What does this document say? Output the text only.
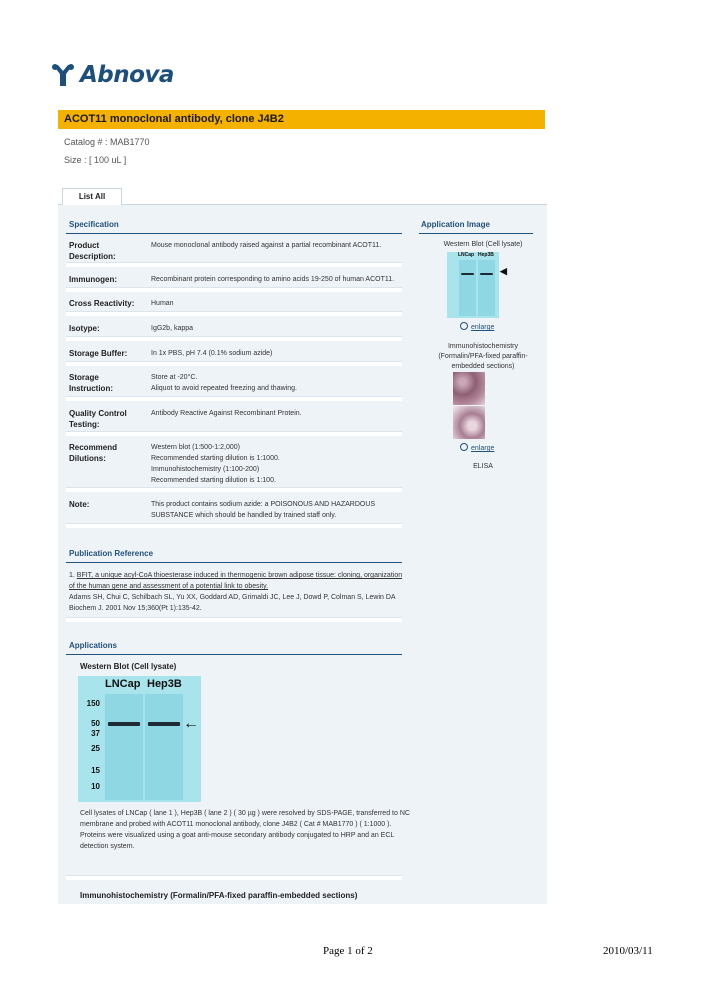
Abnova
ACOT11 monoclonal antibody, clone J4B2
Catalog # : MAB1770
Size : [ 100 uL ]
List All
Specification
Product Description:
Mouse monoclonal antibody raised against a partial recombinant ACOT11.
Immunogen:	Recombinant protein corresponding to amino acids 19-250 of human ACOT11.
Cross Reactivity: Human
Isotype:	IgG2b, kappa
Storage Buffer:	In 1x PBS, pH 7.4 (0.1% sodium azide)
Storage Instruction:
Store at -20°C.
Aliquot to avoid repeated freezing and thawing.
Quality Control Testing:
Antibody Reactive Against Recombinant Protein.
Recommend Dilutions:
Western blot (1:500-1:2,000)
Recommended starting dilution is 1:1000.
Immunohistochemistry (1:100-200)
Recommended starting dilution is 1:100.
Note:	This product contains sodium azide: a POISONOUS AND HAZARDOUS SUBSTANCE which should be handled by trained staff only.
Application Image
Western Blot (Cell lysate)
LNCap Hep3B
◀
enlarge
Immunohistochemistry (Formalin/PFA-fixed paraffin-embedded sections)
enlarge
ELISA
Publication Reference
1. BFIT, a unique acyl-CoA thioesterase induced in thermogenic brown adipose tissue: cloning, organization of the human gene and assessment of a potential link to obesity.
Adams SH, Chui C, Schilbach SL, Yu XX, Goddard AD, Grimaldi JC, Lee J, Dowd P, Colman S, Lewin DA Biochem J. 2001 Nov 15;360(Pt 1):135-42.
Applications
Western Blot (Cell lysate)
LNCap Hep3B
150
50
37
25
15
10
←
Cell lysates of LNCap ( lane 1 ), Hep3B ( lane 2 ) ( 30 µg ) were resolved by SDS-PAGE, transferred to NC membrane and probed with ACOT11 monoclonal antibody, clone J4B2 ( Cat # MAB1770 ) ( 1:1000 ). Proteins were visualized using a goat anti-mouse secondary antibody conjugated to HRP and an ECL detection system.
Immunohistochemistry (Formalin/PFA-fixed paraffin-embedded sections)
Page 1 of 2	2010/03/11
